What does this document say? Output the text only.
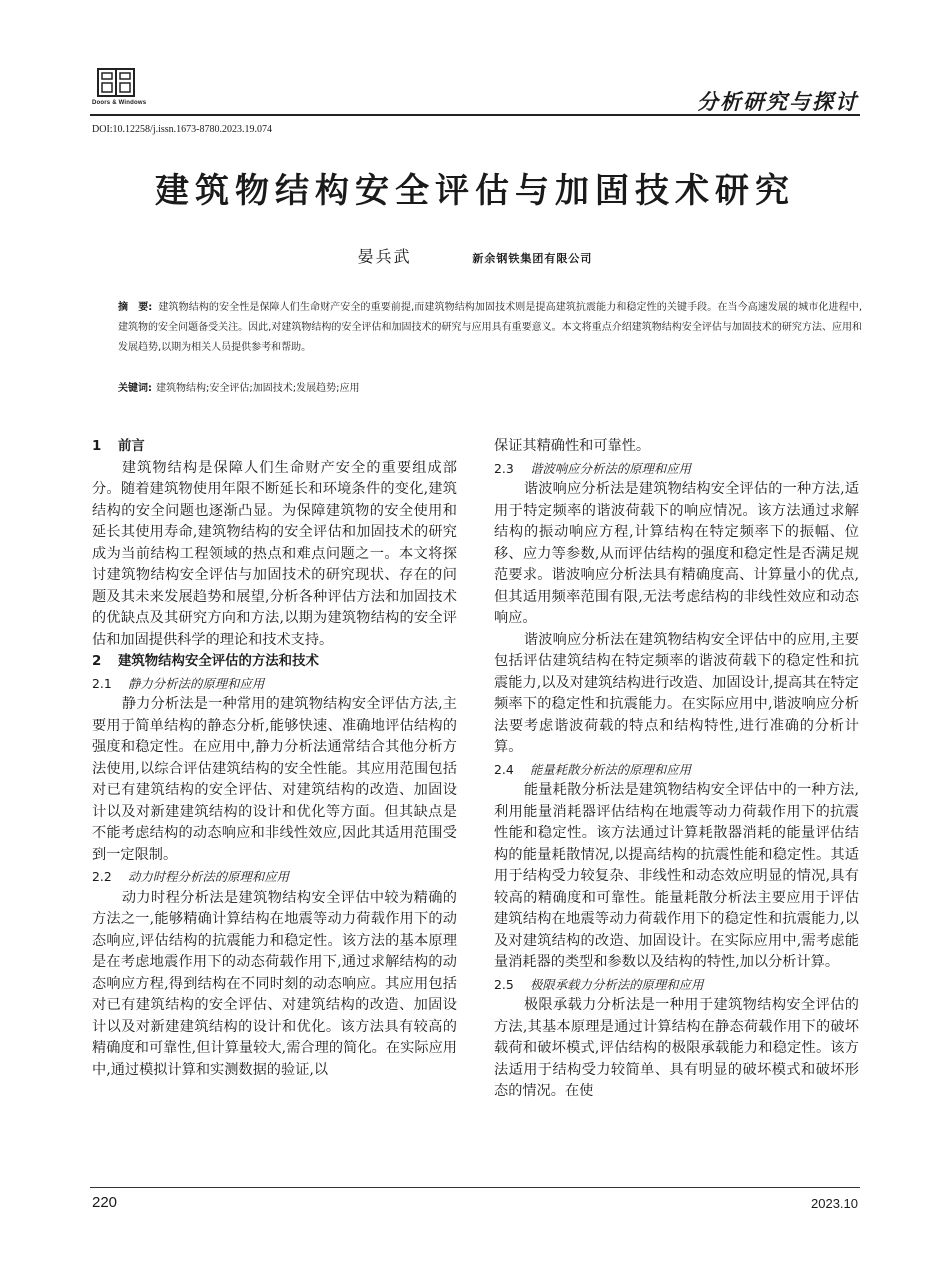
Doors & Windows	分析研究与探讨
DOI:10.12258/j.issn.1673-8780.2023.19.074
建筑物结构安全评估与加固技术研究
晏兵武	新余钢铁集团有限公司
摘　要: 建筑物结构的安全性是保障人们生命财产安全的重要前提,而建筑物结构加固技术则是提高建筑抗震能力和稳定性的关键手段。在当今高速发展的城市化进程中,建筑物的安全问题备受关注。因此,对建筑物结构的安全评估和加固技术的研究与应用具有重要意义。本文将重点介绍建筑物结构安全评估与加固技术的研究方法、应用和发展趋势,以期为相关人员提供参考和帮助。
关键词: 建筑物结构;安全评估;加固技术;发展趋势;应用
1 前言

建筑物结构是保障人们生命财产安全的重要组成部分。随着建筑物使用年限不断延长和环境条件的变化,建筑结构的安全问题也逐渐凸显。为保障建筑物的安全使用和延长其使用寿命,建筑物结构的安全评估和加固技术的研究成为当前结构工程领域的热点和难点问题之一。本文将探讨建筑物结构安全评估与加固技术的研究现状、存在的问题及其未来发展趋势和展望,分析各种评估方法和加固技术的优缺点及其研究方向和方法,以期为建筑物结构的安全评估和加固提供科学的理论和技术支持。

2 建筑物结构安全评估的方法和技术
2.1 静力分析法的原理和应用

静力分析法是一种常用的建筑物结构安全评估方法,主要用于简单结构的静态分析,能够快速、准确地评估结构的强度和稳定性。在应用中,静力分析法通常结合其他分析方法使用,以综合评估建筑结构的安全性能。其应用范围包括对已有建筑结构的安全评估、对建筑结构的改造、加固设计以及对新建建筑结构的设计和优化等方面。但其缺点是不能考虑结构的动态响应和非线性效应,因此其适用范围受到一定限制。

2.2 动力时程分析法的原理和应用

动力时程分析法是建筑物结构安全评估中较为精确的方法之一,能够精确计算结构在地震等动力荷载作用下的动态响应,评估结构的抗震能力和稳定性。该方法的基本原理是在考虑地震作用下的动态荷载作用下,通过求解结构的动态响应方程,得到结构在不同时刻的动态响应。其应用包括对已有建筑结构的安全评估、对建筑结构的改造、加固设计以及对新建建筑结构的设计和优化。该方法具有较高的精确度和可靠性,但计算量较大,需合理的简化。在实际应用中,通过模拟计算和实测数据的验证,以

保证其精确性和可靠性。

2.3 谐波响应分析法的原理和应用

谐波响应分析法是建筑物结构安全评估的一种方法,适用于特定频率的谐波荷载下的响应情况。该方法通过求解结构的振动响应方程,计算结构在特定频率下的振幅、位移、应力等参数,从而评估结构的强度和稳定性是否满足规范要求。谐波响应分析法具有精确度高、计算量小的优点,但其适用频率范围有限,无法考虑结构的非线性效应和动态响应。

谐波响应分析法在建筑物结构安全评估中的应用,主要包括评估建筑结构在特定频率的谐波荷载下的稳定性和抗震能力,以及对建筑结构进行改造、加固设计,提高其在特定频率下的稳定性和抗震能力。在实际应用中,谐波响应分析法要考虑谐波荷载的特点和结构特性,进行准确的分析计算。

2.4 能量耗散分析法的原理和应用

能量耗散分析法是建筑物结构安全评估中的一种方法,利用能量消耗器评估结构在地震等动力荷载作用下的抗震性能和稳定性。该方法通过计算耗散器消耗的能量评估结构的能量耗散情况,以提高结构的抗震性能和稳定性。其适用于结构受力较复杂、非线性和动态效应明显的情况,具有较高的精确度和可靠性。能量耗散分析法主要应用于评估建筑结构在地震等动力荷载作用下的稳定性和抗震能力,以及对建筑结构的改造、加固设计。在实际应用中,需考虑能量消耗器的类型和参数以及结构的特性,加以分析计算。

2.5 极限承载力分析法的原理和应用

极限承载力分析法是一种用于建筑物结构安全评估的方法,其基本原理是通过计算结构在静态荷载作用下的破坏载荷和破坏模式,评估结构的极限承载能力和稳定性。该方法适用于结构受力较简单、具有明显的破坏模式和破坏形态的情况。在使

220	2023.10
